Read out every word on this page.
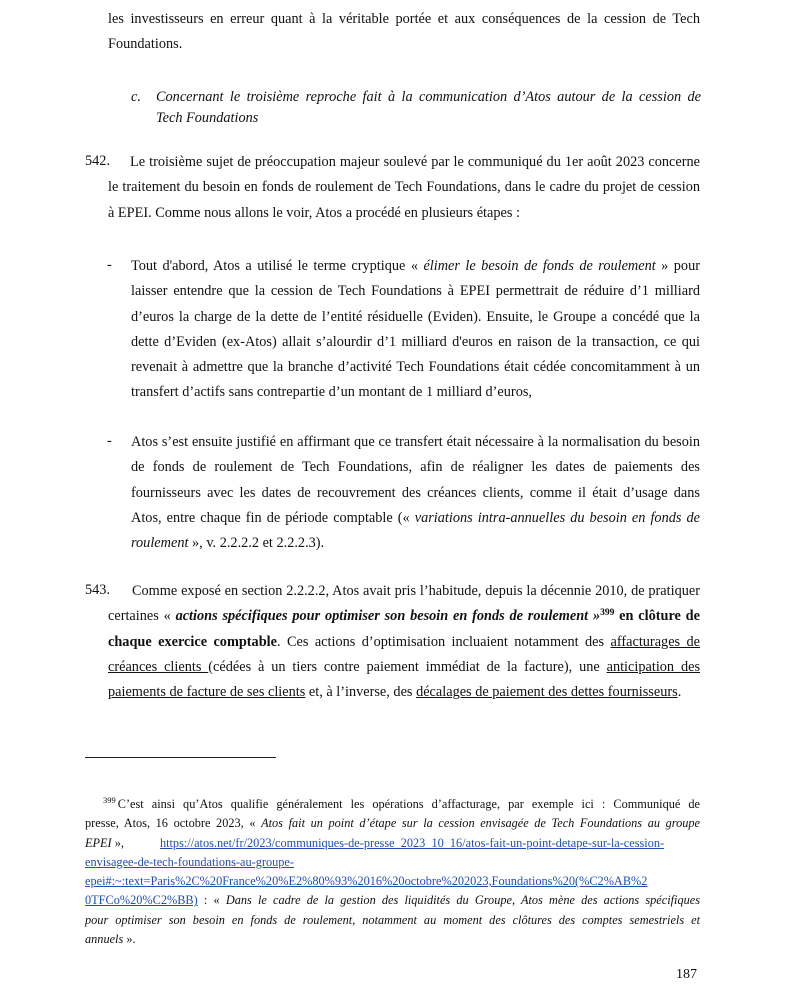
les investisseurs en erreur quant à la véritable portée et aux conséquences de la cession de Tech
Foundations.
c. Concernant le troisième reproche fait à la communication d’Atos autour de la cession de
Tech Foundations
542.	Le troisième sujet de préoccupation majeur soulevé par le communiqué du 1er août 2023 concerne
le traitement du besoin en fonds de roulement de Tech Foundations, dans le cadre du projet de cession
à EPEI. Comme nous allons le voir, Atos a procédé en plusieurs étapes :
- Tout d'abord, Atos a utilisé le terme cryptique « élimer le besoin de fonds de roulement » pour
laisser entendre que la cession de Tech Foundations à EPEI permettrait de réduire d’1 milliard
d’euros la charge de la dette de l’entité résiduelle (Eviden). Ensuite, le Groupe a concédé que la
dette d’Eviden (ex-Atos) allait s’alourdir d’1 milliard d'euros en raison de la transaction, ce qui
revenait à admettre que la branche d’activité Tech Foundations était cédée concomitamment à un
transfert d’actifs sans contrepartie d’un montant de 1 milliard d’euros,
- Atos s’est ensuite justifié en affirmant que ce transfert était nécessaire à la normalisation du besoin
de fonds de roulement de Tech Foundations, afin de réaligner les dates de paiements des
fournisseurs avec les dates de recouvrement des créances clients, comme il était d’usage dans
Atos, entre chaque fin de période comptable (« variations intra-annuelles du besoin en fonds de
roulement », v. 2.2.2.2 et 2.2.2.3).
543.	Comme exposé en section 2.2.2.2, Atos avait pris l’habitude, depuis la décennie 2010, de pratiquer
certaines « actions spécifiques pour optimiser son besoin en fonds de roulement »$^{399}$ en clôture de
chaque exercice comptable. Ces actions d’optimisation incluaient notamment des affacturages de
créances clients (cédées à un tiers contre paiement immédiat de la facture), une anticipation des
paiements de facture de ses clients et, à l’inverse, des décalages de paiement des dettes fournisseurs.
$^{399}$ C’est ainsi qu’Atos qualifie généralement les opérations d’affacturage, par exemple ici : Communiqué de
presse, Atos, 16 octobre 2023, « Atos fait un point d’étape sur la cession envisagée de Tech Foundations au groupe
EPEI »,	https://atos.net/fr/2023/communiques-de-presse_2023_10_16/atos-fait-un-point-detape-sur-la-cession-
envisagee-de-tech-foundations-au-groupe-
epei#:~:text=Paris%2C%20France%20%E2%80%93%2016%20octobre%202023,Foundations%20(%C2%AB%2
0TFCo%20%C2%BB) : « Dans le cadre de la gestion des liquidités du Groupe, Atos mène des actions spécifiques
pour optimiser son besoin en fonds de roulement, notamment au moment des clôtures des comptes semestriels et
annuels ».
187
